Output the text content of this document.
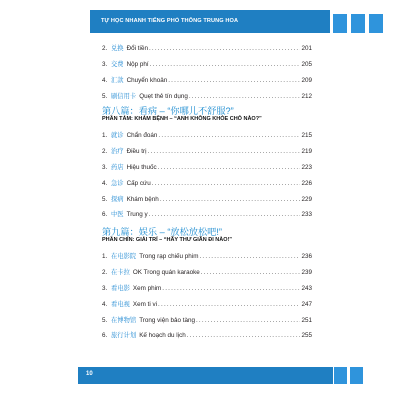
TỰ HỌC NHANH TIẾNG PHỔ THÔNG TRUNG HOA
2. 兑换 Đổi tiền .....	201
3. 交费 Nộp phí .....	205
4. 汇款 Chuyển khoản .....	209
5. 刷信用卡 Quẹt thẻ tín dụng .....	212
第八篇：看病 – “你哪儿不舒服?”
PHẦN TÁM: KHÁM BỆNH – “ANH KHÔNG KHỎE CHỖ NÀO?”
1. 就诊 Chẩn đoán .....	215
2. 治疗 Điều trị .....	219
3. 药店 Hiệu thuốc .....	223
4. 急诊 Cấp cứu .....	226
5. 探病 Khám bệnh .....	229
6. 中医 Trung y .....	233
第九篇：娱乐 – “放松放松吧!”
PHẦN CHÍN: GIẢI TRÍ – “HÃY THƯ GIÃN ĐI NÀO!”
1. 在电影院 Trong rạp chiếu phim .....	236
2. 在卡拉 OK Trong quán karaoke .....	239
3. 看电影 Xem phim .....	243
4. 看电视 Xem ti vi .....	247
5. 在博物馆 Trong viện bảo tàng .....	251
6. 旅行计划 Kế hoạch du lịch .....	255
10
